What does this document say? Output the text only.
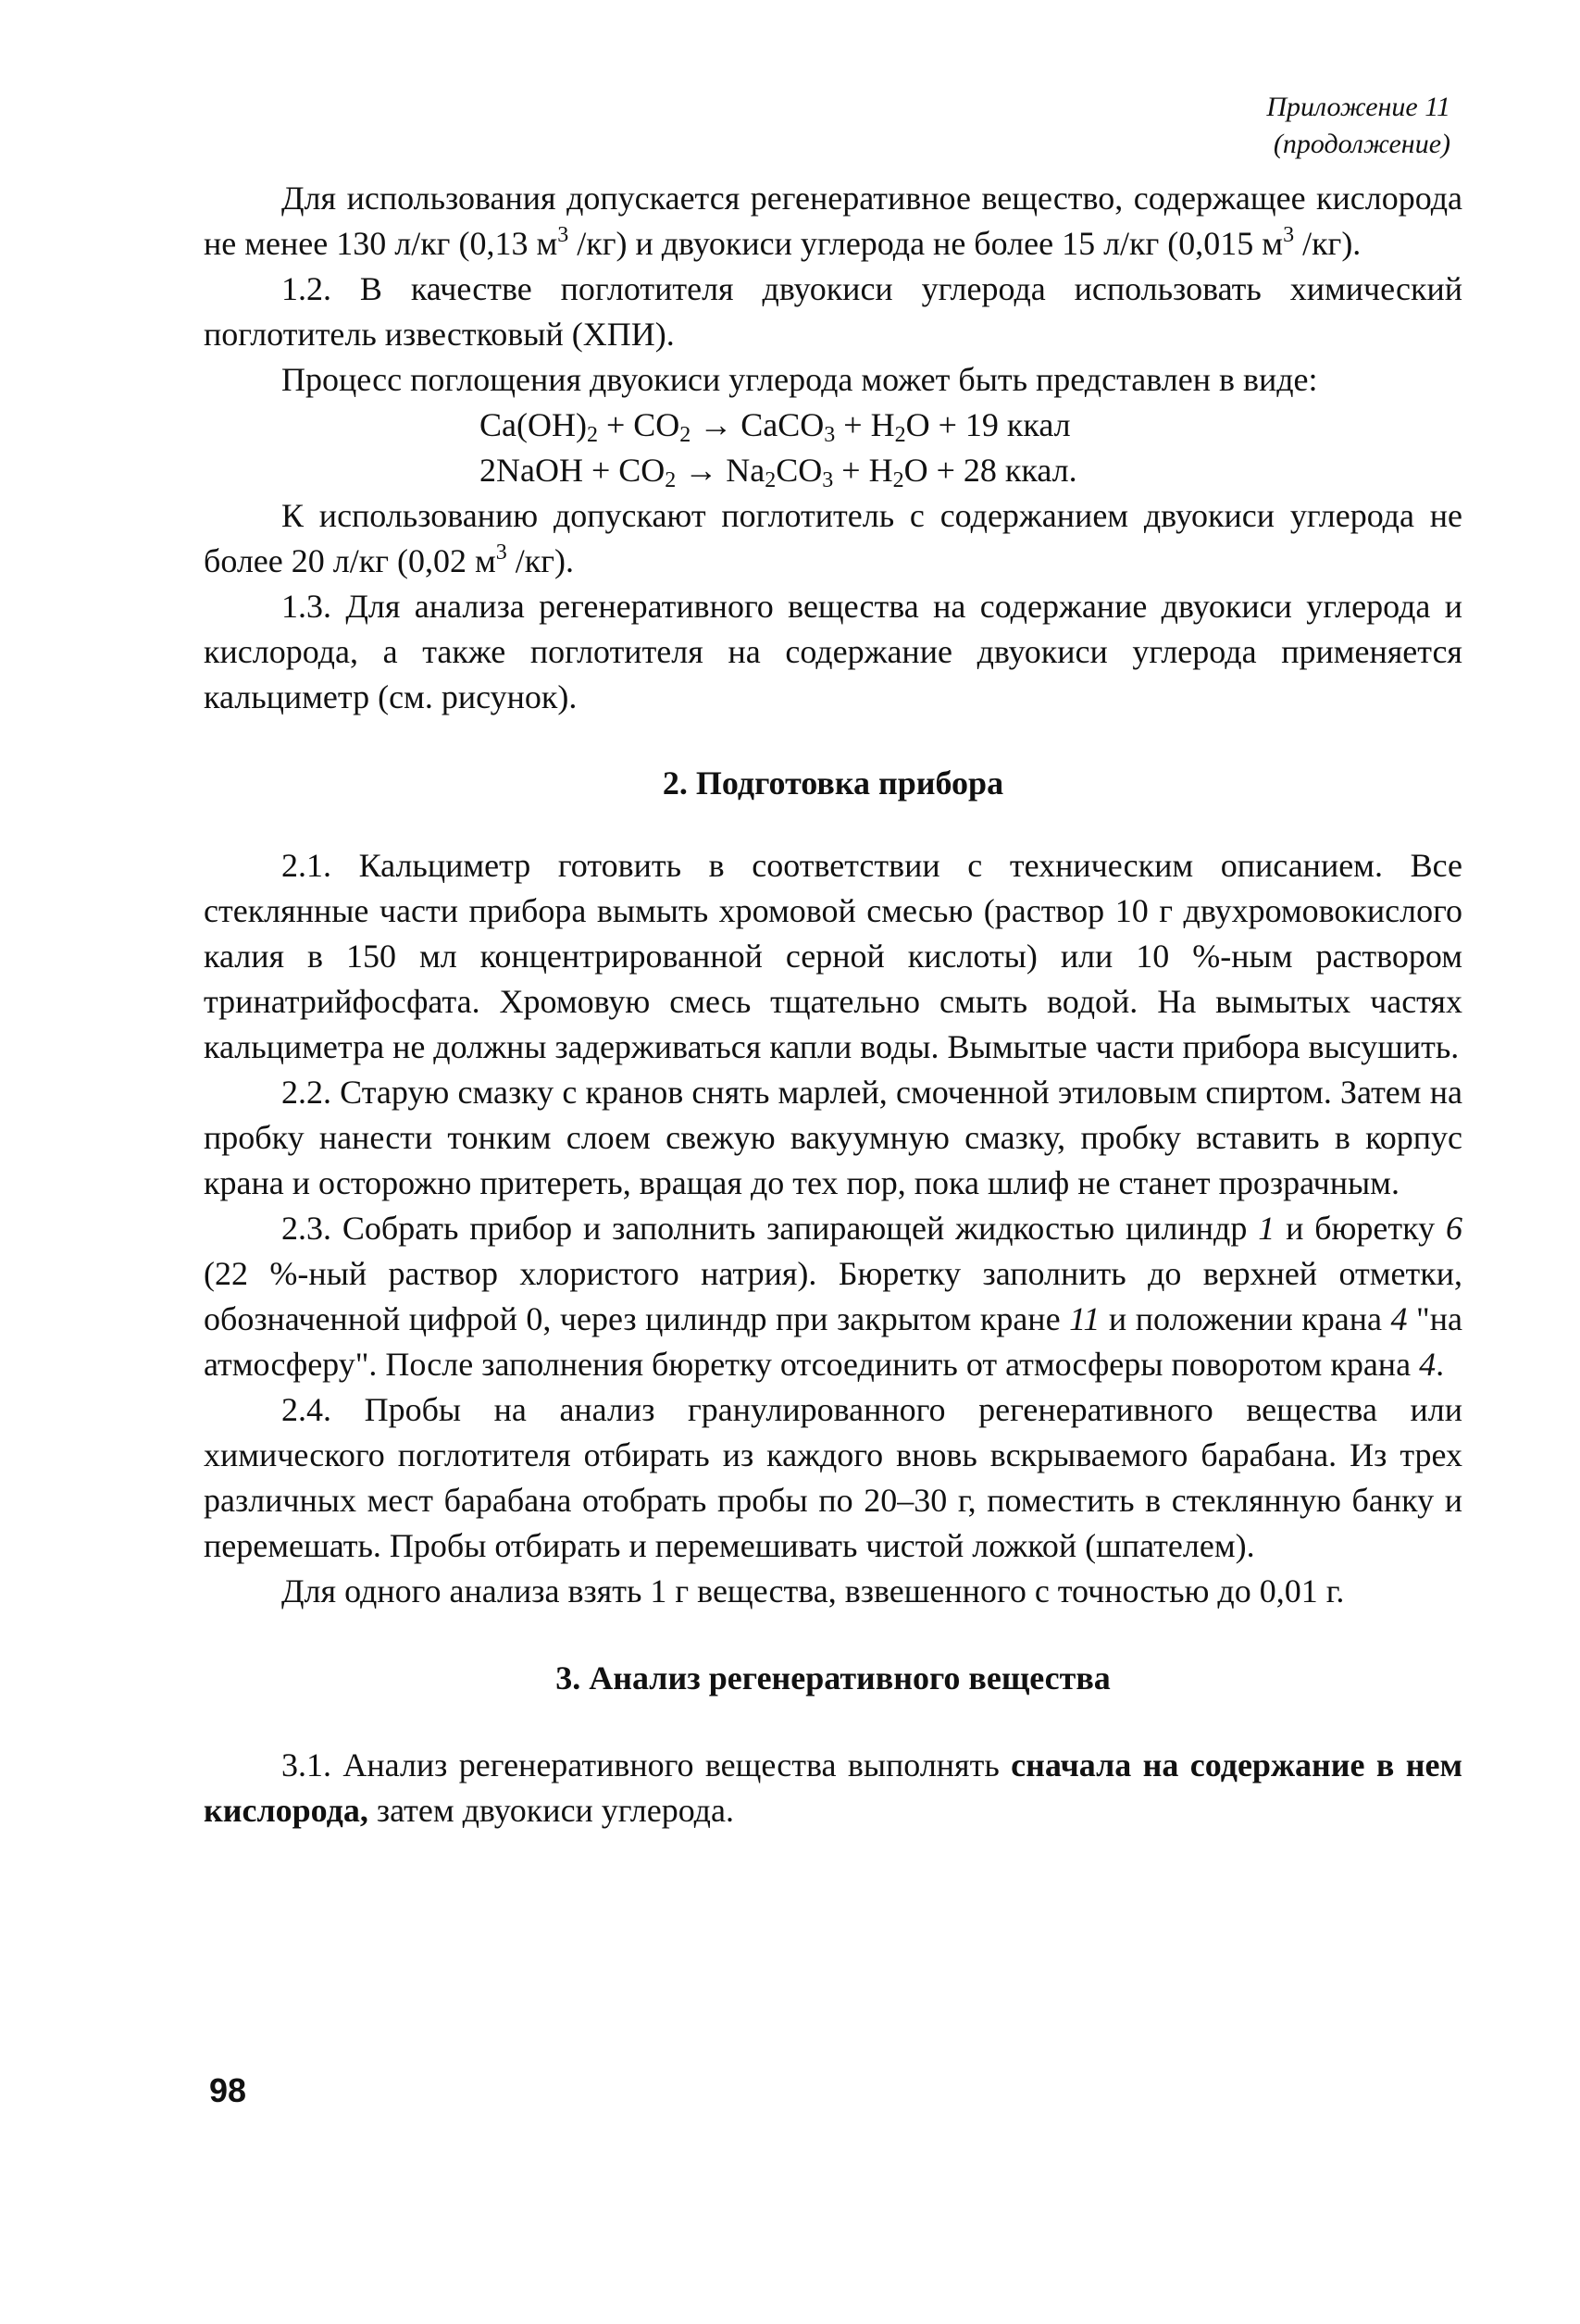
Приложение 11
(продолжение)

Для использования допускается регенеративное вещество, содержащее кислорода не менее 130 л/кг (0,13 $м^3$ /кг) и двуокиси углерода не более 15 л/кг (0,015 $м^3$ /кг).

1.2. В качестве поглотителя двуокиси углерода использовать химический поглотитель известковый (ХПИ).

Процесс поглощения двуокиси углерода может быть представлен в виде:

$Ca(OH)_2 + CO_2$ → CaCO$_3$ + $H_2O + 19$ ккал
2NaOH + $CO_2 \to Na_2CO_3 + H_2O + 28$ ккал.

К использованию допускают поглотитель с содержанием двуокиси углерода не более 20 л/кг (0,02 $м^3$ /кг).

1.3. Для анализа регенеративного вещества на содержание двуокиси углерода и кислорода, а также поглотителя на содержание двуокиси углерода применяется кальциметр (см. рисунок).

2. Подготовка прибора

2.1. Кальциметр готовить в соответствии с техническим описанием. Все стеклянные части прибора вымыть хромовой смесью (раствор 10 г двухромовокислого калия в 150 мл концентрированной серной кислоты) или 10 %-ным раствором тринатрийфосфата. Хромовую смесь тщательно смыть водой. На вымытых частях кальциметра не должны задерживаться капли воды. Вымытые части прибора высушить.

2.2. Старую смазку с кранов снять марлей, смоченной этиловым спиртом. Затем на пробку нанести тонким слоем свежую вакуумную смазку, пробку вставить в корпус крана и осторожно притереть, вращая до тех пор, пока шлиф не станет прозрачным.

2.3. Собрать прибор и заполнить запирающей жидкостью цилиндр 1 и бюретку 6 (22 %-ный раствор хлористого натрия). Бюретку заполнить до верхней отметки, обозначенной цифрой 0, через цилиндр при закрытом кране 11 и положении крана 4 "на атмосферу". После заполнения бюретку отсоединить от атмосферы поворотом крана 4.

2.4. Пробы на анализ гранулированного регенеративного вещества или химического поглотителя отбирать из каждого вновь вскрываемого барабана. Из трех различных мест барабана отобрать пробы по 20–30 г, поместить в стеклянную банку и перемешать. Пробы отбирать и перемешивать чистой ложкой (шпателем).

Для одного анализа взять 1 г вещества, взвешенного с точностью до 0,01 г.

3. Анализ регенеративного вещества

3.1. Анализ регенеративного вещества выполнять сначала на содержание в нем кислорода, затем двуокиси углерода.

98
